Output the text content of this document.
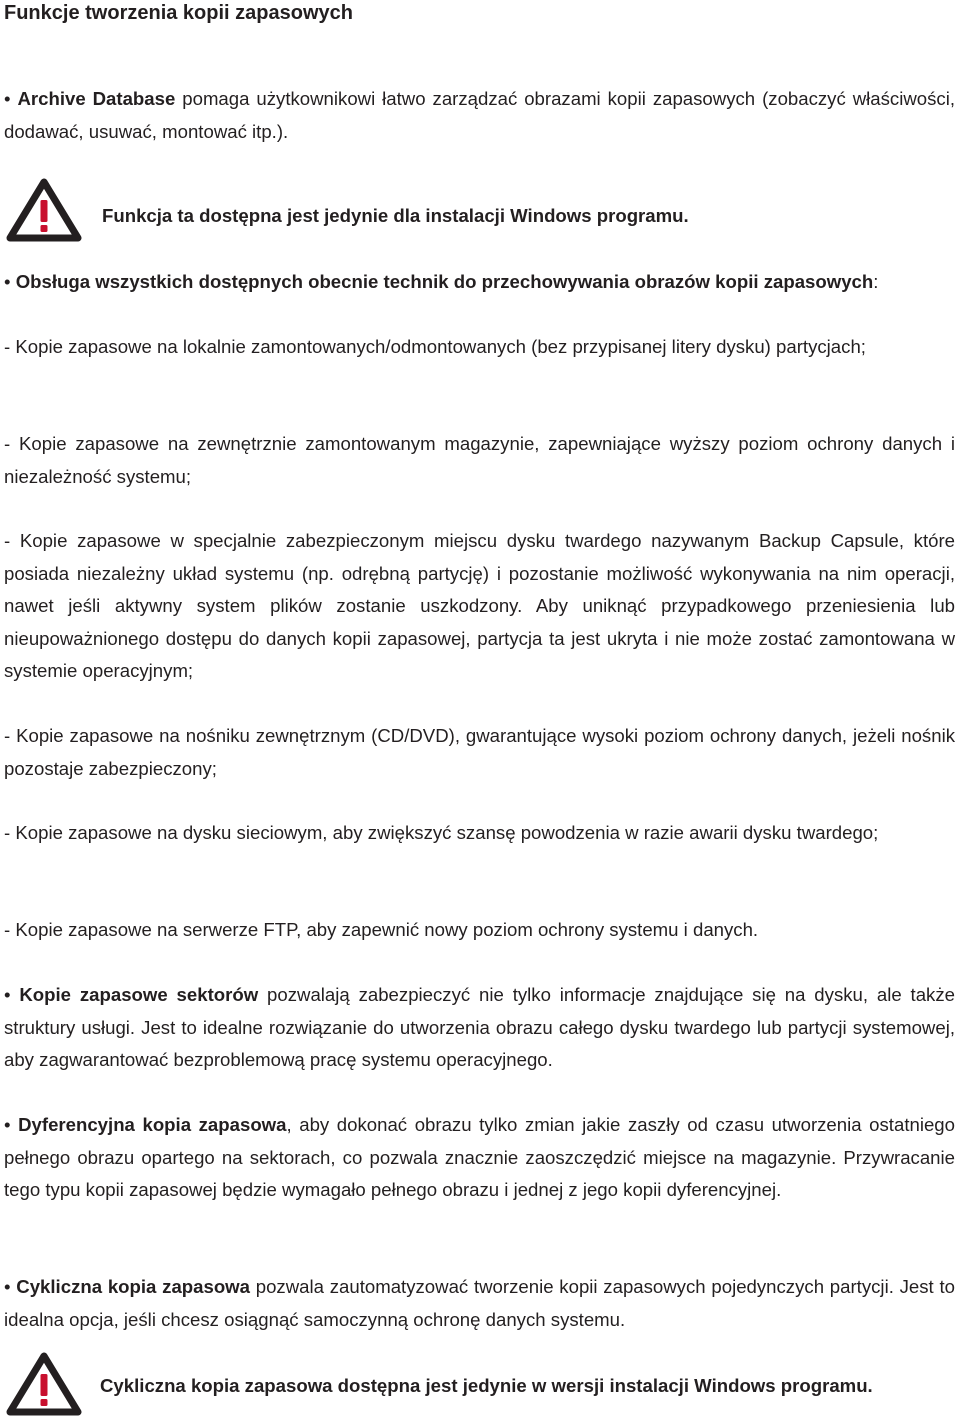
Funkcje tworzenia kopii zapasowych
• Archive Database pomaga użytkownikowi łatwo zarządzać obrazami kopii zapasowych (zobaczyć właściwości, dodawać, usuwać, montować itp.).
Funkcja ta dostępna jest jedynie dla instalacji Windows programu.
• Obsługa wszystkich dostępnych obecnie technik do przechowywania obrazów kopii zapasowych:
- Kopie zapasowe na lokalnie zamontowanych/odmontowanych (bez przypisanej litery dysku) partycjach;
- Kopie zapasowe na zewnętrznie zamontowanym magazynie, zapewniające wyższy poziom ochrony danych i niezależność systemu;
- Kopie zapasowe w specjalnie zabezpieczonym miejscu dysku twardego nazywanym Backup Capsule, które posiada niezależny układ systemu (np. odrębną partycję) i pozostanie możliwość wykonywania na nim operacji, nawet jeśli aktywny system plików zostanie uszkodzony. Aby uniknąć przypadkowego przeniesienia lub nieupoważnionego dostępu do danych kopii zapasowej, partycja ta jest ukryta i nie może zostać zamontowana w systemie operacyjnym;
- Kopie zapasowe na nośniku zewnętrznym (CD/DVD), gwarantujące wysoki poziom ochrony danych, jeżeli nośnik pozostaje zabezpieczony;
- Kopie zapasowe na dysku sieciowym, aby zwiększyć szansę powodzenia w razie awarii dysku twardego;
- Kopie zapasowe na serwerze FTP, aby zapewnić nowy poziom ochrony systemu i danych.
• Kopie zapasowe sektorów pozwalają zabezpieczyć nie tylko informacje znajdujące się na dysku, ale także struktury usługi. Jest to idealne rozwiązanie do utworzenia obrazu całego dysku twardego lub partycji systemowej, aby zagwarantować bezproblemową pracę systemu operacyjnego.
• Dyferencyjna kopia zapasowa, aby dokonać obrazu tylko zmian jakie zaszły od czasu utworzenia ostatniego pełnego obrazu opartego na sektorach, co pozwala znacznie zaoszczędzić miejsce na magazynie. Przywracanie tego typu kopii zapasowej będzie wymagało pełnego obrazu i jednej z jego kopii dyferencyjnej.
• Cykliczna kopia zapasowa pozwala zautomatyzować tworzenie kopii zapasowych pojedynczych partycji. Jest to idealna opcja, jeśli chcesz osiągnąć samoczynną ochronę danych systemu.
Cykliczna kopia zapasowa dostępna jest jedynie w wersji instalacji Windows programu.
